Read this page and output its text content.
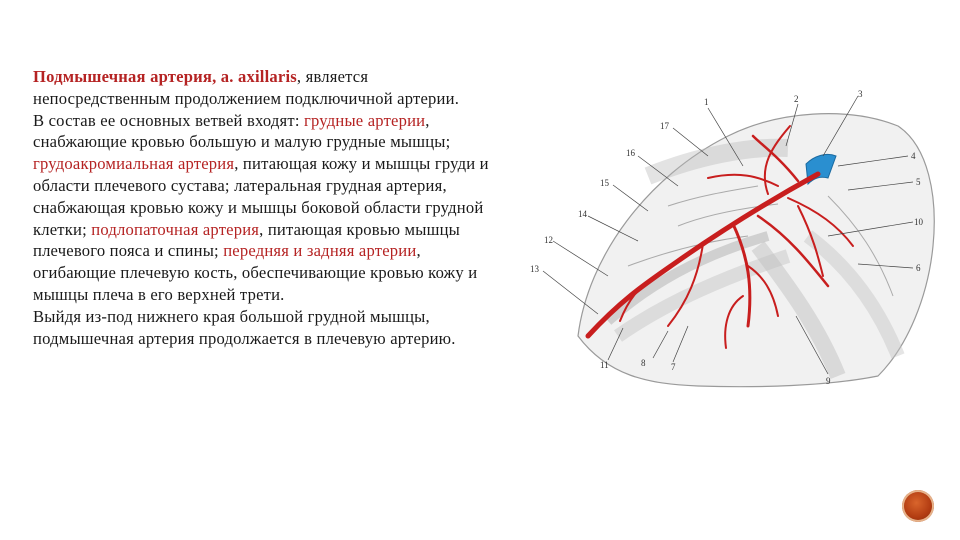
Подмышечная артерия, a. axillaris, является непосредственным продолжением подключичной артерии.
В состав ее основных ветвей входят: грудные артерии, снабжающие кровью большую и малую грудные мышцы; грудоакромиальная артерия, питающая кожу и мышцы груди и области плечевого сустава; латеральная грудная артерия, снабжающая кровью кожу и мышцы боковой области грудной клетки; подлопаточная артерия, питающая кровью мышцы плечевого пояса и спины; передняя и задняя артерии, огибающие плечевую кость, обеспечивающие кровью кожу и мышцы плеча в его верхней трети.
Выйдя из-под нижнего края большой грудной мышцы, подмышечная артерия продолжается в плечевую артерию.
1	2	3
4
5
10
6
9
7
8
11
13
12
14
15
16
17
